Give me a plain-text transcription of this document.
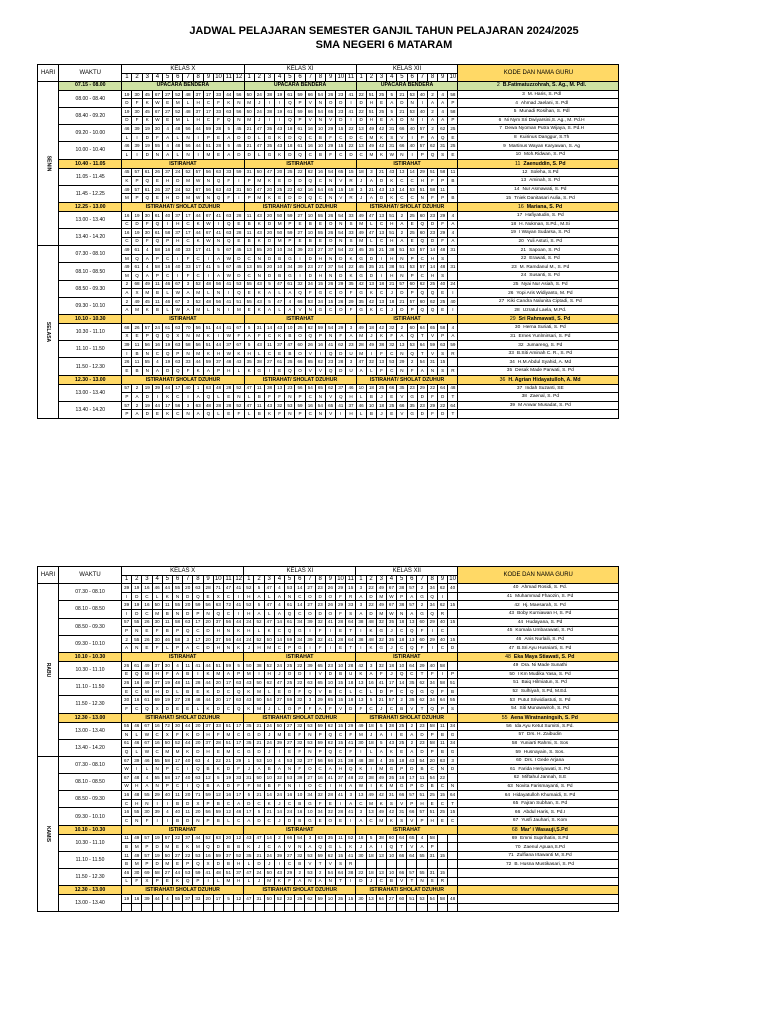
JADWAL PELAJARAN SEMESTER GANJIL TAHUN PELAJARAN 2024/2025
SMA NEGERI 6 MATARAM
HARI	WAKTU	KELAS X												KELAS XI											KELAS XII										KODE DAN NAMA GURU
		1	2	3	4	5	6	7	8	9	10	11	12	1	2	3	4	5	6	7	8	9	10	11	1	2	3	4	5	6	7	8	9	10	
SENIN	07.15 - 08.00	UPACARA BENDERA												UPACARA BENDERA											UPACARA BENDERA										2 B.Fatimatuzzohrah, S. Ag., M. Pdl.
	08.00 - 08.40	19	30	45	67	27	52	48	37	17	33	44	56	50	24	38	19	61	59	66	54	26	23	41	22	51	25	5	21	53	40	2	4	58	3 M. Haris, S. Pdl
		D	F	K	W	E	M	L	H	C	F	K	N	M	J	I	I	Q	P	V	N	O	D	I	D	H	E	A	D	N	I	A	A	P	4 Ahmad Jaelani, S. Pdl
	08.40 - 09.20	19	30	45	67	27	52	48	37	17	33	63	56	50	24	38	19	61	59	66	54	65	23	41	22	51	25	5	21	53	40	2	4	58	5 Munadi Rosihan, S. Pdl
		D	F	K	W	E	M	L	H	C	F	Q	N	M	J	I	I	Q	P	V	N	V	D	I	D	H	E	A	D	N	I	A	A	P	6 Ni Nym Sri Dwiyarsini,S. Ag., M. Pd.H
	09.20 - 10.00	46	39	19	30	4	48	56	44	59	28	5	45	21	47	35	43	18	61	16	10	29	15	22	13	49	42	31	66	40	57	2	62	25	7 Dewa Nyoman Putra Wijaya, S. Pd.H
		L	I	D	F	A	L	N	I	P	E	A	D	D	L	G	K	D	Q	C	B	F	C	D	C	M	K	S	V	I	P	A	Q	E	8 Kuirinus Danggur, S.Th
	10.00 - 10.40	46	39	19	55	4	48	56	44	51	28	5	45	21	47	35	43	18	61	16	10	29	15	22	13	49	42	31	66	40	57	62	31	25	9 Martinus Wayan Karyawan, S. Ag
		L	I	D	N	A	L	N	I	M	E	A	D	D	L	G	K	D	Q	C	B	F	C	D	C	M	K	W	N	I	P	Q	S	E	10 Moh.Ridwan, S. Pd
	10.40 - 11.05	ISTIRAHAT												ISTIRAHAT											ISTIRAHAT										11 Zaenuddin, S. Pd
	11.05 - 11.45	45	57	61	26	37	24	52	57	56	63	33	59	31	50	47	20	25	22	62	16	54	65	15	18	3	21	43	13	14	29	51	58	11	12 Soleha, S.Pd
		K	P	Q	E	H	D	M	W	N	Q	F	I	P	M	K	E	D	D	Q	C	N	V	R	J	A	D	K	C	C	H	F	P	B	13 Aminah, S. Pd
	11.45 - 12.25	49	57	61	26	37	24	52	67	56	63	43	31	50	47	20	25	22	62	16	54	65	15	18	3	21	43	13	14	53	51	58	11		14 Nur Asmawati, S. Pd
		M	P	Q	E	H	D	M	W	N	Q	F	I	P	M	K	E	D	D	Q	C	N	V	R	J	A	D	K	C	C	N	F	P	B	15 Tniek Danitasari Aulia, S. Pd
	12.25 - 13.00	ISTIRAHAT/ SHOLAT DZUHUR												ISTIRAHAT/ SHOLAT DZUHUR											ISTIRAHAT/ SHOLAT DZUHUR										16 Mariana, S. Pd
	13.00 - 13.40	16	19	30	61	40	37	17	44	67	41	63	28	11	43	20	50	59	27	10	55	26	54	33	49	47	13	51	2	25	60	23	29	4	17 Hafiyatudin, S. Pd
		C	D	F	Q	I	H	C	K	W	I	Q	E	B	K	D	M	P	E	B	E	O	N	S	M	L	C	H	A	E	Q	D	F	A	18 H. Nukman, S.Pd., M.Si
	13.40 - 14.20	16	19	30	61	58	37	17	44	67	41	63	28	11	43	20	50	59	27	10	55	26	54	33	49	47	13	51	2	25	60	23	29	4	19 I Wayan Sudarsa, S. Pd
		C	D	F	Q	P	H	C	K	W	N	Q	E	B	K	D	M	P	E	B	E	O	N	S	M	L	C	H	A	E	Q	D	F	A	20 Yuli Astuti, S. Pd
SELASA	07.30 - 08.10	49	61	4	58	16	40	33	17	41	5	67	45	13	55	20	10	34	39	23	27	37	54	22	45	35	21	38	51	53	57	14	48	31	21 Sapoan, S. Pd
		M	Q	A	P	C	I	F	C	I	A	W	D	C	N	D	B	G	I	D	H	N	D	K	G	D	I	H	N	P	C	H	S		22 Erawati, S. Pd
	08.10 - 08.50	49	61	4	58	16	40	33	17	41	5	67	45	13	55	20	10	34	39	23	27	37	54	22	45	35	21	38	51	53	57	14	48	31	23 M. Ramdanul M., S. Pd
		M	Q	A	P	C	I	F	C	I	A	W	D	C	N	D	B	G	I	D	H	N	D	K	G	D	I	H	N	P	C	H	S		24 Susanti, S. Pd
	08.50 - 09.30	2	68	49	11	46	67	3	52	48	56	41	53	55	43	5	47	61	32	34	15	26	29	35	42	13	18	21	57	60	62	25	40	24	25 Nyai Nur Asiah, S. Pd
		A	X	M	B	L	W	A	M	L	N	I	Q	E	K	A	L	A	Q	F	G	C	O	F	G	K	C	J	D	P	Q	Q	E	I	26 Yopi Aris Widiyanto, M. Pd
	09.30 - 10.10	2	49	45	11	46	67	3	52	48	56	41	51	55	43	5	47	4	66	53	34	15	26	29	35	42	13	18	21	57	60	62	25	40	27 Kiki Candra Nalunita Ciptadi, S. Pd
		A	M	K	B	L	W	A	M	L	N	I	M	E	K	A	L	A	V	N	G	C	O	F	G	K	C	J	D	P	Q	Q	E	I	28 Uzratul Laela, M.Pd.
	10.10 - 10.30	ISTIRAHAT												ISTIRAHAT											ISTIRAHAT										29 Sri Rahmawati, S. Pd
	10.30 - 11.10	68	26	57	24	61	63	70	56	51	44	41	67	5	31	14	43	10	25	62	59	54	29	3	49	18	42	32	2	60	64	65	58	4	30 Herna Suriati, S. Pd
		X	E	P	Q	Q	X	N	M	K	I	W	F	A	F	C	K	B	O	Q	P	N	F	A	M	J	K	F	A	Q	T	V	P	A	31 Ernes Yunlmirsari, S. Pd
	11.10 - 11.50	39	11	56	16	19	63	58	56	51	44	37	67	5	43	11	37	47	60	26	16	41	62	23	28	49	38	32	13	53	64	59	63	59	32 Jumareng, S. Pd
		I	B	N	C	Q	P	N	M	K	H	W	K	H	L	C	E	B	O	V	I	Q	D	U	M	I	F	C	N	Q	T	V	S	R	33 B.Siti Aminah C. R., S. Pd
	11.50 - 12.30	26	11	55	4	19	63	33	44	59	37	48	43	35	38	27	61	25	66	65	62	23	28	3	47	32	13	53	29	2	54	31	15		34 H.M.Abdul Syahid, A. Md
		E	B	N	A	D	Q	F	K	A	P	H	L	K	G	I	E	Q	O	V	V	Q	D	U	A	L	F	C	N	F	A	N	S	R	35 Desak Made Parwati, S. Pd
	12.30 - 13.00	ISTIRAHAT/ SHOLAT DZUHUR												ISTIRAHAT/ SHOLAT DZUHUR											ISTIRAHAT/ SHOLAT DZUHUR										36 H. Agrian Hidayatulloh, A. Md
	13.00 - 13.40	57	2	19	39	44	17	40	1	63	48	28	52	47	11	38	13	23	56	54	65	62	37	46	10	18	25	66	35	23	29	22	64	48	37 Indah Suzanti, SE
		P	A	D	I	K	C	I	A	Q	L	E	N	L	B	F	F	N	P	C	N	V	Q	H	L	B	J	E	V	G	D	F	D	T	38 Zaenal, S. Pd
	13.40 - 14.20	57	2	19	44	17	56	3	63	48	28	28	52	47	11	43	32	53	59	16	54	65	41	37	46	10	18	25	66	35	23	29	22	64	39 M Anwar Musadat, S. Pd
		P	A	D	E	K	C	N	A	Q	L	E	F	L	B	K	F	N	P	C	N	V	I	H	L	B	J	E	V	G	D	F	D	T	
HARI	WAKTU	KELAS X												KELAS XI											KELAS XII										KODE DAN NAMA GURU
		1	2	3	4	5	6	7	8	9	10	11	12	1	2	3	4	5	6	7	8	9	10	11	1	2	3	4	5	6	7	8	9	10	
RABU	07.30 - 08.10	39	19	16	46	44	55	20	63	28	71	47	41	52	5	47	4	53	14	27	23	26	29	15	3	22	49	67	38	57	2	34	62	40	40 Ahmad Rosidi, S. Pd.
		I	D	C	L	K	N	D	Q	E	X	C	I	H	A	L	A	N	C	O	D	O	F	R	A	D	M	W	P	A	G	Q	I		41 Muhammad Fhaozin, S. Pd
	08.10 - 08.50	39	19	16	50	11	55	20	59	56	63	72	41	52	5	47	4	61	14	27	23	26	29	33	3	22	49	67	38	57	2	34	62	15	42 Hj. Maesarah, S. Pd
		I	D	C	M	B	N	D	P	N	Q	C	I	H	A	L	A	Q	C	O	D	O	F	S	A	D	M	W	N	A	G	Q	R		43 Boby Kurniawan H, S. Pd
	08.50 - 09.30	57	55	26	30	11	58	63	17	20	37	56	44	24	52	47	14	61	34	39	32	41	28	64	38	48	32	35	18	13	60	29	40	15	44 Hudayana, S. Pd
		P	N	E	F	B	P	Q	C	D	H	N	K	H	L	K	C	Q	G	I	F	I	E	T	I	K	G	J	C	Q	F	I	C		45 Komala Umbarawati, S. Pd
	09.30 - 10.10	2	55	26	30	46	58	3	17	20	37	56	44	24	52	50	14	59	34	39	32	41	28	64	38	48	32	35	18	13	60	29	40	15	46 Anis Nurlaili, S. Pd
		A	N	E	F	L	P	A	C	D	H	N	K	J	H	M	C	P	G	I	F	I	E	T	I	K	G	J	C	Q	F	I	C	D	47 B.Sri Ayu Husniarti, S. Pd
	10.10 - 10.30	ISTIRAHAT												ISTIRAHAT											ISTIRAHAT										48 Eka Maya Stiawati, S. Pd
	10.30 - 11.10	26	61	49	37	30	4	11	41	44	51	59	5	50	38	52	24	25	22	39	65	23	10	28	42	3	32	18	10	64	29	40	58		49 Dra. Ni Made Sunathi
		E	Q	M	H	F	A	B	I	K	M	A	P	M	I	H	J	O	D	I	V	D	B	U	K	A	F	J	Q	C	T	F	I	P	50 I Km Mudika Yasa, S. Pd
	11.10 - 11.50	26	16	49	37	19	48	11	28	44	20	17	63	43	50	62	47	25	22	63	65	10	15	18	13	16	41	17	14	35	62	34	58	51	51 Baiq Hilmiatun, S. Pd
		E	C	M	H	D	L	B	E	K	D	C	Q	K	M	L	E	O	F	Q	V	B	C	L	C	L	D	P	C	Q	G	Q	F	B	52 Sulhiyah, S.Pd, M.Ed.
	11.50 - 12.30	30	16	61	69	19	27	28	48	44	20	17	63	43	50	54	27	59	32	3	29	65	15	18	13	5	21	57	2	35	62	34	64	55	53 Putut Sriwidiastuti, S. Pd
		F	C	Q	X	D	E	E	L	K	D	C	Q	K	M	J	L	O	P	F	A	F	V	D	F	C	J	C	B	V	T	Q	P	S	54 Siti Munawwiroh, S. Pd
	12.30 - 13.00	ISTIRAHAT/ SHOLAT DZUHUR												ISTIRAHAT/ SHOLAT DZUHUR											ISTIRAHAT/ SHOLAT DZUHUR										55 Aena Wiratnaningsih, S. Pd
	13.00 - 13.40	55	46	67	16	72	30	44	20	37	33	51	17	35	21	24	50	27	32	53	59	62	15	29	49	18	5	38	25	2	23	58	11	34	56 Ida Ayu Ketut Sumitri, S.Pd.
		N	L	W	C	X	F	K	D	H	F	M	C	G	D	J	M	E	F	N	P	Q	C	F	M	J	A	I	E	A	D	P	B	G	57 Drs. H. Zaibudin
	13.40 - 14.20	61	46	67	16	50	52	44	20	37	28	51	17	35	21	24	39	27	32	53	59	62	15	41	30	18	5	43	25	2	23	58	11	34	58 Yuniarti Rahmi, S. Sos
		Q	L	W	C	M	M	K	D	H	E	M	C	G	D	J	I	E	F	N	P	Q	C	F	I	L	A	K	E	A	D	P	B	G	59 Husnayain, S. Sos.
KAMIS	07.30 - 08.10	67	39	46	55	58	17	40	63	4	22	21	29	1	53	10	4	53	32	27	56	66	21	38	48	38	4	35	18	43	54	20	63	3	60 Drs. I Gede Arjana
		W	I	L	N	P	C	I	Q	B	K	D	F	J	A	B	A	N	F	O	C	A	H	Q	K	I	M	G	P	D	B	C	N	D	61 Farida Heriyawati, S. Pd
	08.10 - 08.50	67	48	4	55	58	17	40	63	12	5	19	33	31	50	10	32	53	39	27	16	41	37	48	22	38	49	35	18	17	11	54	22		62 Miftahul Jannah, S.E
		W	H	A	N	P	C	I	Q	B	A	D	F	F	M	B	F	N	I	O	C	I	H	A	W	I	K	M	G	P	D	B	C	N	63 Novita Farismayanti, S. Pd
	08.50 - 09.30	16	48	55	29	40	11	20	71	59	12	16	17	5	21	14	24	16	10	34	32	28	41	3	13	49	42	31	66	57	51	25	15	64	64 Hidayatulloh Khumaidi, S. Pd
		C	H	N	I	I	B	D	X	P	B	C	A	D	C	K	J	C	B	G	F	E	I	A	C	M	K	S	V	P	H	E	C	T	65 Fajran Subhan, S. Pd
	09.30 - 10.10	16	55	30	39	4	40	11	20	56	59	12	48	17	5	21	14	24	16	10	34	32	28	41	3	13	49	42	31	66	57	51	25	15	66 Abdul Haris, S. Pd.I
		C	N	F	I	I	B	D	N	P	B	L	C	A	D	C	J	D	B	G	E	O	E	I	A	C	M	K	S	V	P	H	E	C	67 Yusfi Jauhari, S. Kom
	10.10 - 10.30	ISTIRAHAT												ISTIRAHAT											ISTIRAHAT										68 Mar' i Wasauji,S.Pd
	10.30 - 11.10	11	49	57	19	57	22	37	44	52	63	20	12	43	47	14	2	66	54	3	63	35	11	52	18	5	38	60	64	65	4	58			69 Emmi Suprihatin, S.Pd
		B	M	P	D	M	E	K	M	Q	D	B	B	K	J	C	A	V	N	A	Q	G	L	K	J	A	I	Q	T	V	A	P			70 Zaenul Apuan,S.Pd
	11.10 - 11.50	11	49	57	19	50	27	22	53	16	59	37	52	35	21	24	39	27	32	53	59	62	15	41	30	18	13	10	66	64	55	31	15		71 Zulfiana Irtawanti M, S.Pd
		B	M	P	D	M	E	P	Q	X	D	B	H	L	D	J	I	C	B	V	T	V	S	R											72 B. Husna Mustikasari, S. Pd
	11.50 - 12.30	46	30	69	58	27	44	53	59	41	48	51	37	47	24	50	43	29	2	53	2	54	64	38	22	18	13	10	66	57	55	31	15		
		L	F	X	P	E	K	Q	P	I	L	M	H	L	J	M	K	F	A	N	A	N	T	I	D	J	C	B	V	T	N	S	R		
	12.30 - 13.00	ISTIRAHAT/ SHOLAT DZUHUR												ISTIRAHAT/ SHOLAT DZUHUR											ISTIRAHAT/ SHOLAT DZUHUR										
	13.00 - 13.40	19	16	39	44	4	55	37	33	20	17	5	12	47	31	50	52	32	25	62	59	10	35	15	30	13	64	27	60	51	53	54	58	48	
